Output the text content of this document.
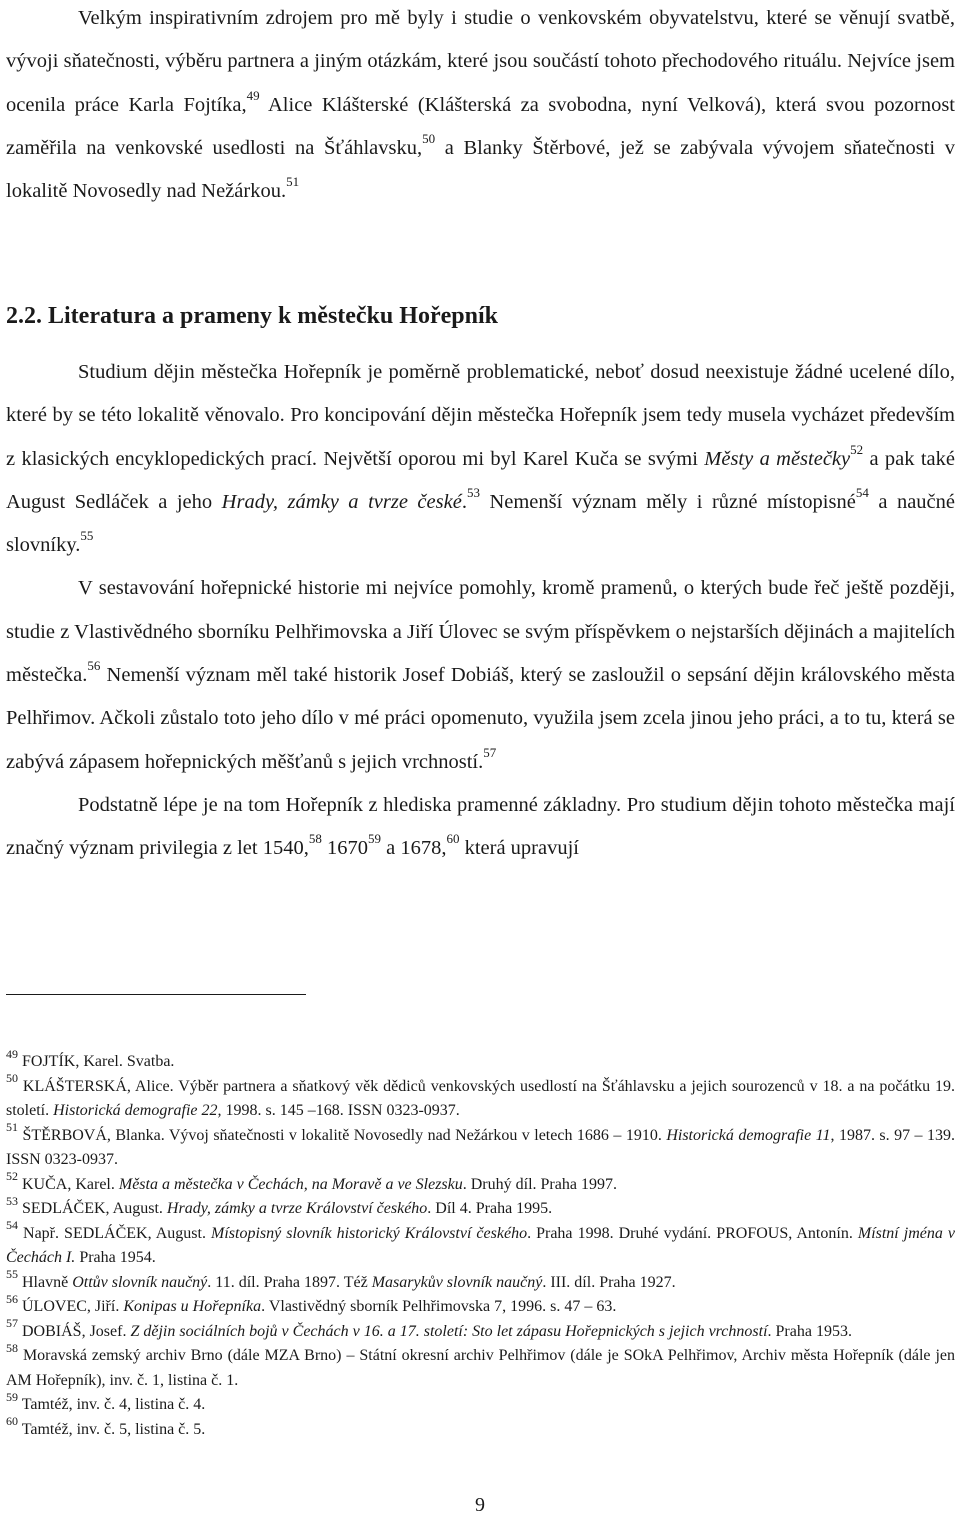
Velkým inspirativním zdrojem pro mě byly i studie o venkovském obyvatelstvu, které se věnují svatbě, vývoji sňatečnosti, výběru partnera a jiným otázkám, které jsou součástí tohoto přechodového rituálu. Nejvíce jsem ocenila práce Karla Fojtíka,$^{49}$ Alice Klášterské (Klášterská za svobodna, nyní Velková), která svou pozornost zaměřila na venkovské usedlosti na Šťáhlavsku,$^{50}$ a Blanky Štěrbové, jež se zabývala vývojem sňatečnosti v lokalitě Novosedly nad Nežárkou.$^{51}$

2.2. Literatura a prameny k městečku Hořepník

Studium dějin městečka Hořepník je poměrně problematické, neboť dosud neexistuje žádné ucelené dílo, které by se této lokalitě věnovalo. Pro koncipování dějin městečka Hořepník jsem tedy musela vycházet především z klasických encyklopedických prací. Největší oporou mi byl Karel Kuča se svými Městy a městečky$^{52}$ a pak také August Sedláček a jeho Hrady, zámky a tvrze české.$^{53}$ Nemenší význam měly i různé místopisné$^{54}$ a naučné slovníky.$^{55}$

V sestavování hořepnické historie mi nejvíce pomohly, kromě pramenů, o kterých bude řeč ještě později, studie z Vlastivědného sborníku Pelhřimovska a Jiří Úlovec se svým příspěvkem o nejstarších dějinách a majitelích městečka.$^{56}$ Nemenší význam měl také historik Josef Dobiáš, který se zasloužil o sepsání dějin královského města Pelhřimov. Ačkoli zůstalo toto jeho dílo v mé práci opomenuto, využila jsem zcela jinou jeho práci, a to tu, která se zabývá zápasem hořepnických měšťanů s jejich vrchností.$^{57}$

Podstatně lépe je na tom Hořepník z hlediska pramenné základny. Pro studium dějin tohoto městečka mají značný význam privilegia z let 1540,58 1670$^{59}$ a 1678,60 která upravují

$^{49}$ FOJTÍK, Karel. Svatba.

$^{50}$ KLÁŠTERSKÁ, Alice. Výběr partnera a sňatkový věk dědiců venkovských usedlostí na Šťáhlavsku a jejich sourozenců v 18. a na počátku 19. století. Historická demografie 22, 1998. s. 145 –168. ISSN 0323-0937.

$^{51}$ ŠTĚRBOVÁ, Blanka. Vývoj sňatečnosti v lokalitě Novosedly nad Nežárkou v letech 1686 – 1910. Historická demografie 11, 1987. s. 97 – 139. ISSN 0323-0937.

$^{52}$ KUČA, Karel. Města a městečka v Čechách, na Moravě a ve Slezsku. Druhý díl. Praha 1997.

$^{53}$ SEDLÁČEK, August. Hrady, zámky a tvrze Království českého. Díl 4. Praha 1995.

$^{54}$ Např. SEDLÁČEK, August. Místopisný slovník historický Království českého. Praha 1998. Druhé vydání. PROFOUS, Antonín. Místní jména v Čechách I. Praha 1954.

$^{55}$ Hlavně Ottův slovník naučný. 11. díl. Praha 1897. Též Masarykův slovník naučný. III. díl. Praha 1927.

$^{56}$ ÚLOVEC, Jiří. Konipas u Hořepníka. Vlastivědný sborník Pelhřimovska 7, 1996. s. 47 – 63.

$^{57}$ DOBIÁŠ, Josef. Z dějin sociálních bojů v Čechách v 16. a 17. století: Sto let zápasu Hořepnických s jejich vrchností. Praha 1953.

$^{58}$ Moravská zemský archiv Brno (dále MZA Brno) – Státní okresní archiv Pelhřimov (dále je SOkA Pelhřimov, Archiv města Hořepník (dále jen AM Hořepník), inv. č. 1, listina č. 1.

$^{59}$ Tamtéž, inv. č. 4, listina č. 4.

$^{60}$ Tamtéž, inv. č. 5, listina č. 5.

9
